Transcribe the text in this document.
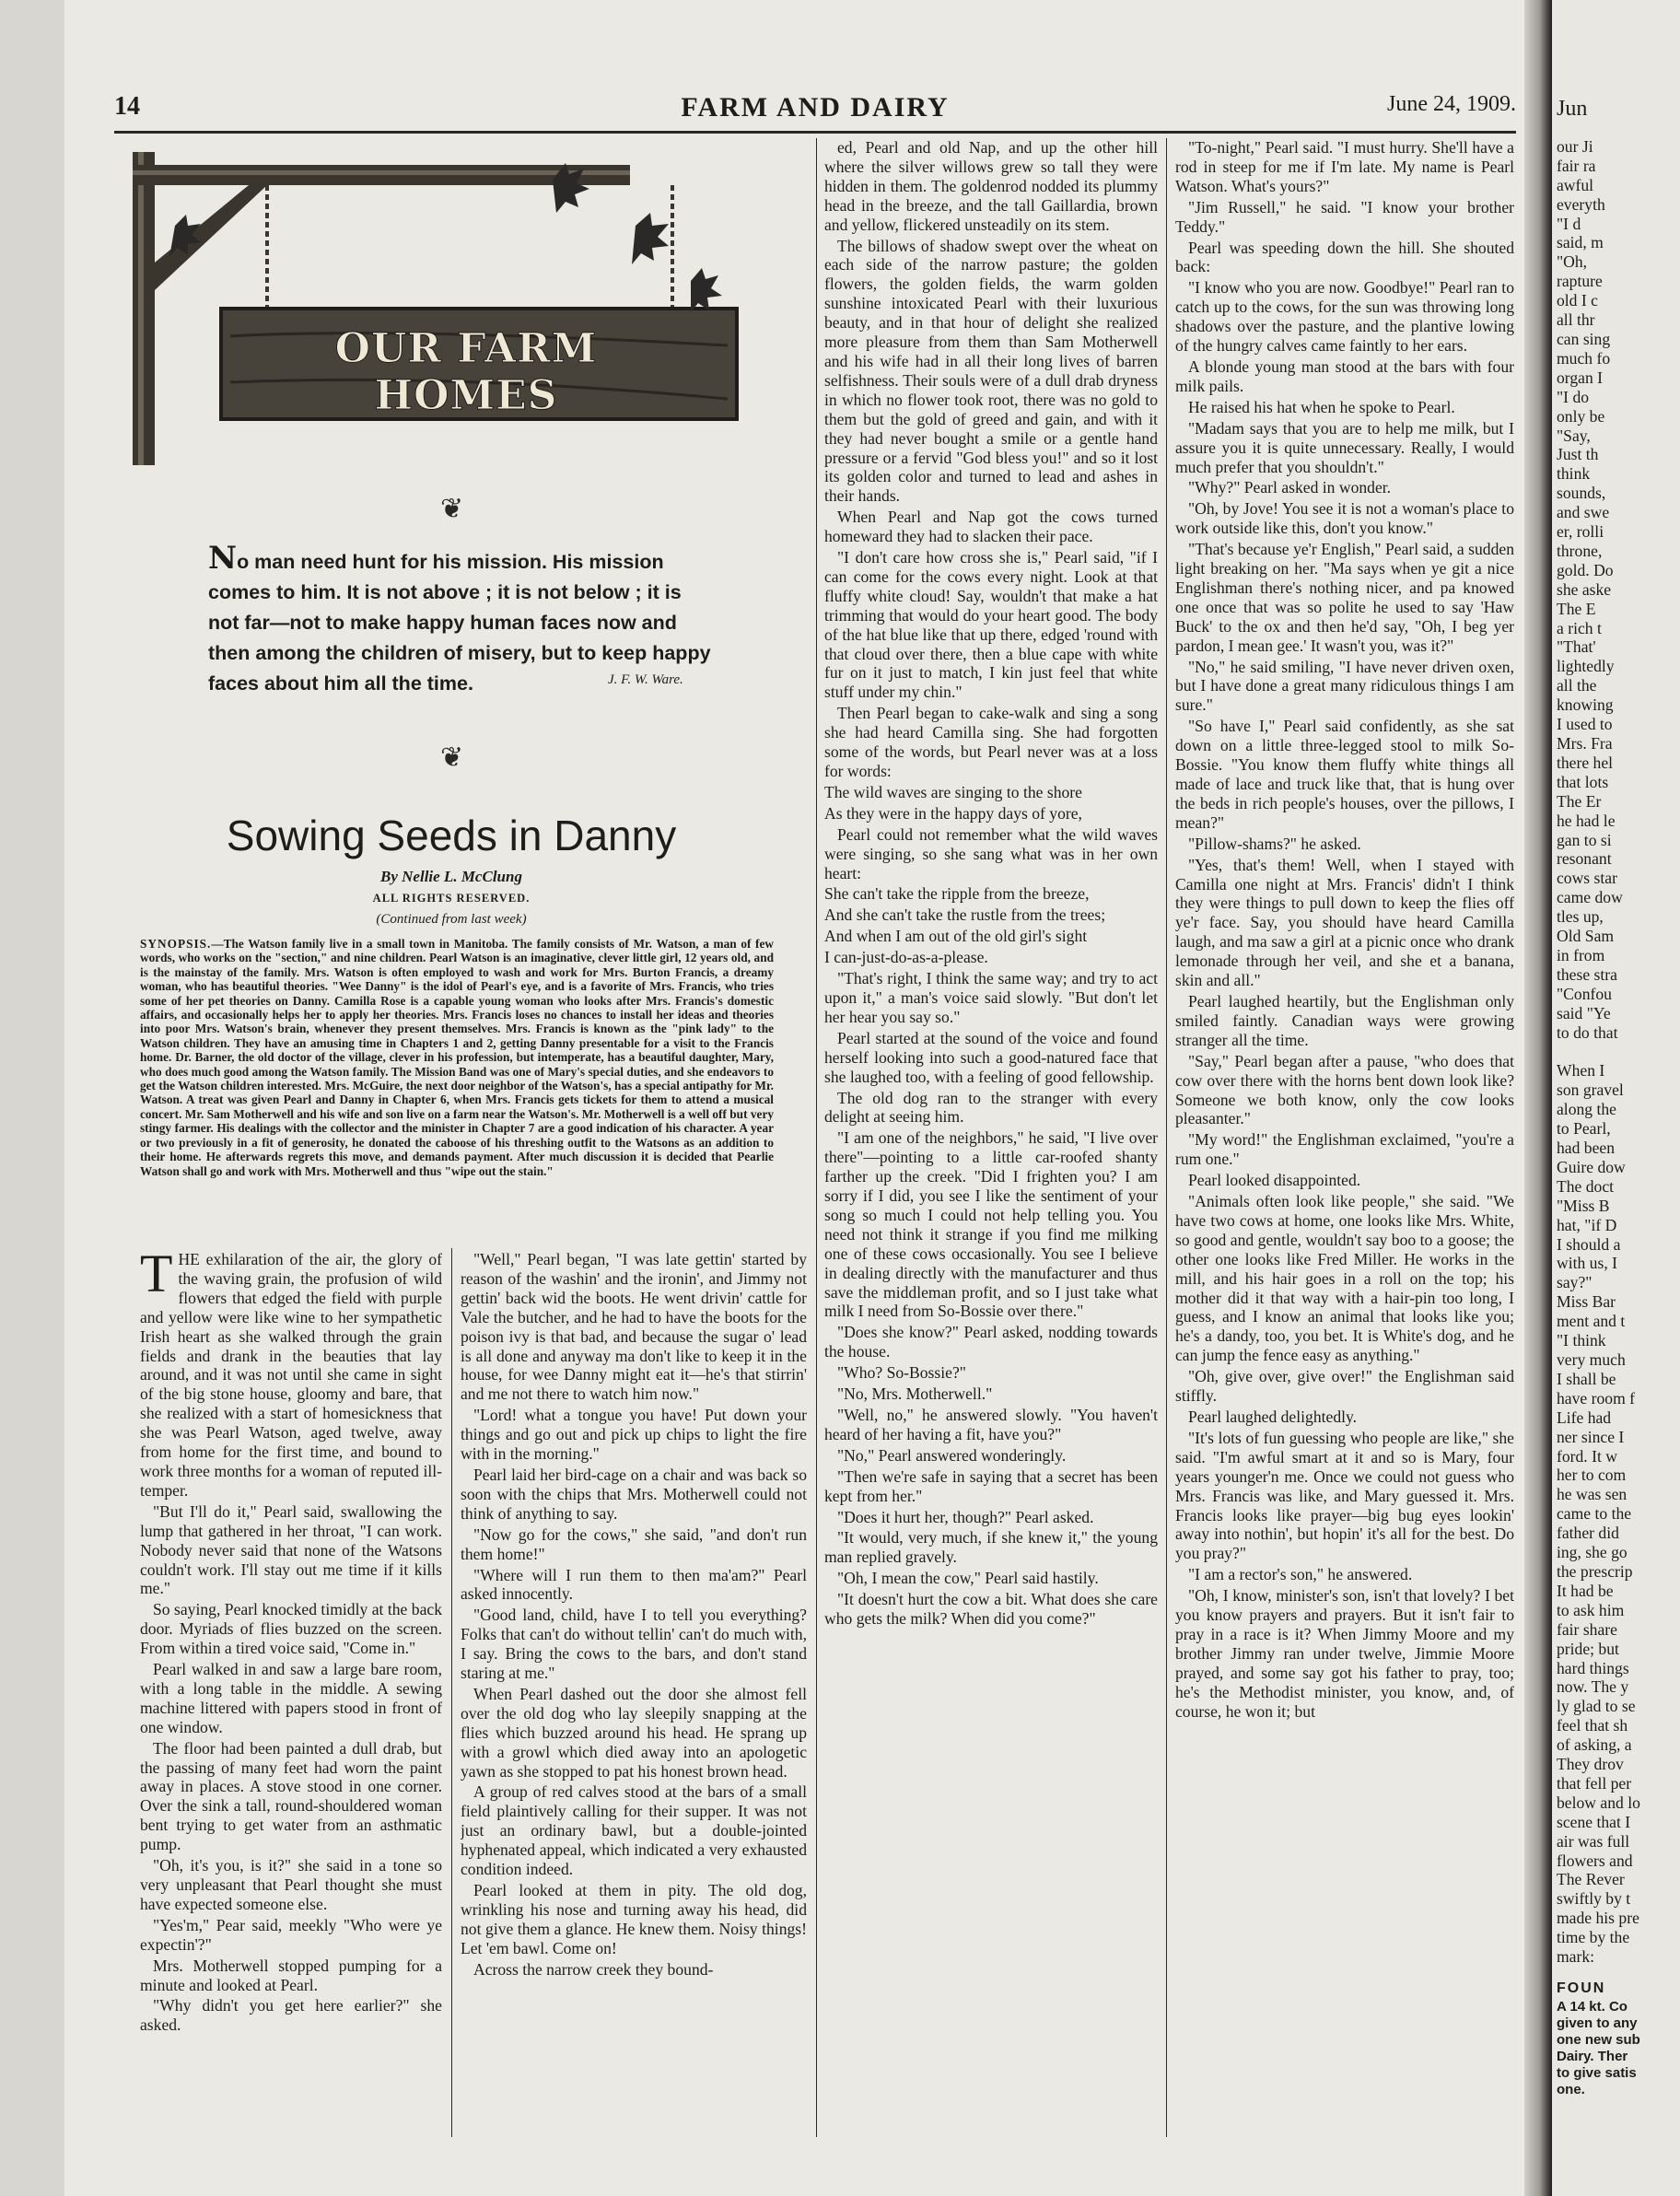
14	FARM AND DAIRY	June 24, 1909.
OUR FARM HOMES
❦
No man need hunt for his mission. His mission comes to him. It is not above ; it is not below ; it is not far—not to make happy human faces now and then among the children of misery, but to keep happy faces about him all the time.	J. F. W. Ware.
❦
Sowing Seeds in Danny
By Nellie L. McClung
ALL RIGHTS RESERVED.
(Continued from last week)
SYNOPSIS.—The Watson family live in a small town in Manitoba. The family consists of Mr. Watson, a man of few words, who works on the "section," and nine children. Pearl Watson is an imaginative, clever little girl, 12 years old, and is the mainstay of the family. Mrs. Watson is often employed to wash and work for Mrs. Burton Francis, a dreamy woman, who has beautiful theories. "Wee Danny" is the idol of Pearl's eye, and is a favorite of Mrs. Francis, who tries some of her pet theories on Danny. Camilla Rose is a capable young woman who looks after Mrs. Francis's domestic affairs, and occasionally helps her to apply her theories. Mrs. Francis loses no chances to install her ideas and theories into poor Mrs. Watson's brain, whenever they present themselves. Mrs. Francis is known as the "pink lady" to the Watson children. They have an amusing time in Chapters 1 and 2, getting Danny presentable for a visit to the Francis home. Dr. Barner, the old doctor of the village, clever in his profession, but intemperate, has a beautiful daughter, Mary, who does much good among the Watson family. The Mission Band was one of Mary's special duties, and she endeavors to get the Watson children interested. Mrs. McGuire, the next door neighbor of the Watson's, has a special antipathy for Mr. Watson. A treat was given Pearl and Danny in Chapter 6, when Mrs. Francis gets tickets for them to attend a musical concert. Mr. Sam Motherwell and his wife and son live on a farm near the Watson's. Mr. Motherwell is a well off but very stingy farmer. His dealings with the collector and the minister in Chapter 7 are a good indication of his character. A year or two previously in a fit of generosity, he donated the caboose of his threshing outfit to the Watsons as an addition to their home. He afterwards regrets this move, and demands payment. After much discussion it is decided that Pearlie Watson shall go and work with Mrs. Motherwell and thus "wipe out the stain."

THE exhilaration of the air, the glory of the waving grain, the profusion of wild flowers that edged the field with purple and yellow were like wine to her sympathetic Irish heart as she walked through the grain fields and drank in the beauties that lay around, and it was not until she came in sight of the big stone house, gloomy and bare, that she realized with a start of homesickness that she was Pearl Watson, aged twelve, away from home for the first time, and bound to work three months for a woman of reputed ill-temper.

"But I'll do it," Pearl said, swallowing the lump that gathered in her throat, "I can work. Nobody never said that none of the Watsons couldn't work. I'll stay out me time if it kills me."

So saying, Pearl knocked timidly at the back door. Myriads of flies buzzed on the screen. From within a tired voice said, "Come in."

Pearl walked in and saw a large bare room, with a long table in the middle. A sewing machine littered with papers stood in front of one window.

The floor had been painted a dull drab, but the passing of many feet had worn the paint away in places. A stove stood in one corner. Over the sink a tall, round-shouldered woman bent trying to get water from an asthmatic pump.

"Oh, it's you, is it?" she said in a tone so very unpleasant that Pearl thought she must have expected someone else.

"Yes'm," Pear said, meekly "Who were ye expectin'?"

Mrs. Motherwell stopped pumping for a minute and looked at Pearl.

"Why didn't you get here earlier?" she asked.

"Well," Pearl began, "I was late gettin' started by reason of the washin' and the ironin', and Jimmy not gettin' back wid the boots. He went drivin' cattle for Vale the butcher, and he had to have the boots for the poison ivy is that bad, and because the sugar o' lead is all done and anyway ma don't like to keep it in the house, for wee Danny might eat it—he's that stirrin' and me not there to watch him now."

"Lord! what a tongue you have! Put down your things and go out and pick up chips to light the fire with in the morning."

Pearl laid her bird-cage on a chair and was back so soon with the chips that Mrs. Motherwell could not think of anything to say.

"Now go for the cows," she said, "and don't run them home!"

"Where will I run them to then ma'am?" Pearl asked innocently.

"Good land, child, have I to tell you everything? Folks that can't do without tellin' can't do much with, I say. Bring the cows to the bars, and don't stand staring at me."

When Pearl dashed out the door she almost fell over the old dog who lay sleepily snapping at the flies which buzzed around his head. He sprang up with a growl which died away into an apologetic yawn as she stopped to pat his honest brown head.

A group of red calves stood at the bars of a small field plaintively calling for their supper. It was not just an ordinary bawl, but a double-jointed hyphenated appeal, which indicated a very exhausted condition indeed.

Pearl looked at them in pity. The old dog, wrinkling his nose and turning away his head, did not give them a glance. He knew them. Noisy things! Let 'em bawl. Come on!

Across the narrow creek they bound-

ed, Pearl and old Nap, and up the other hill where the silver willows grew so tall they were hidden in them. The goldenrod nodded its plummy head in the breeze, and the tall Gaillardia, brown and yellow, flickered unsteadily on its stem.

The billows of shadow swept over the wheat on each side of the narrow pasture; the golden flowers, the golden fields, the warm golden sunshine intoxicated Pearl with their luxurious beauty, and in that hour of delight she realized more pleasure from them than Sam Motherwell and his wife had in all their long lives of barren selfishness. Their souls were of a dull drab dryness in which no flower took root, there was no gold to them but the gold of greed and gain, and with it they had never bought a smile or a gentle hand pressure or a fervid "God bless you!" and so it lost its golden color and turned to lead and ashes in their hands.

When Pearl and Nap got the cows turned homeward they had to slacken their pace.

"I don't care how cross she is," Pearl said, "if I can come for the cows every night. Look at that fluffy white cloud! Say, wouldn't that make a hat trimming that would do your heart good. The body of the hat blue like that up there, edged 'round with that cloud over there, then a blue cape with white fur on it just to match, I kin just feel that white stuff under my chin."

Then Pearl began to cake-walk and sing a song she had heard Camilla sing. She had forgotten some of the words, but Pearl never was at a loss for words:

The wild waves are singing to the shore

As they were in the happy days of yore,

Pearl could not remember what the wild waves were singing, so she sang what was in her own heart:

She can't take the ripple from the breeze,

And she can't take the rustle from the trees;

And when I am out of the old girl's sight

I can-just-do-as-a-please.

"That's right, I think the same way; and try to act upon it," a man's voice said slowly. "But don't let her hear you say so."

Pearl started at the sound of the voice and found herself looking into such a good-natured face that she laughed too, with a feeling of good fellowship.

The old dog ran to the stranger with every delight at seeing him.

"I am one of the neighbors," he said, "I live over there"—pointing to a little car-roofed shanty farther up the creek. "Did I frighten you? I am sorry if I did, you see I like the sentiment of your song so much I could not help telling you. You need not think it strange if you find me milking one of these cows occasionally. You see I believe in dealing directly with the manufacturer and thus save the middleman profit, and so I just take what milk I need from So-Bossie over there."

"Does she know?" Pearl asked, nodding towards the house.

"Who? So-Bossie?"

"No, Mrs. Motherwell."

"Well, no," he answered slowly. "You haven't heard of her having a fit, have you?"

"No," Pearl answered wonderingly.

"Then we're safe in saying that a secret has been kept from her."

"Does it hurt her, though?" Pearl asked.

"It would, very much, if she knew it," the young man replied gravely.

"Oh, I mean the cow," Pearl said hastily.

"It doesn't hurt the cow a bit. What does she care who gets the milk? When did you come?"

"To-night," Pearl said. "I must hurry. She'll have a rod in steep for me if I'm late. My name is Pearl Watson. What's yours?"

"Jim Russell," he said. "I know your brother Teddy."

Pearl was speeding down the hill. She shouted back:

"I know who you are now. Goodbye!" Pearl ran to catch up to the cows, for the sun was throwing long shadows over the pasture, and the plantive lowing of the hungry calves came faintly to her ears.

A blonde young man stood at the bars with four milk pails.

He raised his hat when he spoke to Pearl.

"Madam says that you are to help me milk, but I assure you it is quite unnecessary. Really, I would much prefer that you shouldn't."

"Why?" Pearl asked in wonder.

"Oh, by Jove! You see it is not a woman's place to work outside like this, don't you know."

"That's because ye'r English," Pearl said, a sudden light breaking on her. "Ma says when ye git a nice Englishman there's nothing nicer, and pa knowed one once that was so polite he used to say 'Haw Buck' to the ox and then he'd say, "Oh, I beg yer pardon, I mean gee.' It wasn't you, was it?"

"No," he said smiling, "I have never driven oxen, but I have done a great many ridiculous things I am sure."

"So have I," Pearl said confidently, as she sat down on a little three-legged stool to milk So-Bossie. "You know them fluffy white things all made of lace and truck like that, that is hung over the beds in rich people's houses, over the pillows, I mean?"

"Pillow-shams?" he asked.

"Yes, that's them! Well, when I stayed with Camilla one night at Mrs. Francis' didn't I think they were things to pull down to keep the flies off ye'r face. Say, you should have heard Camilla laugh, and ma saw a girl at a picnic once who drank lemonade through her veil, and she et a banana, skin and all."

Pearl laughed heartily, but the Englishman only smiled faintly. Canadian ways were growing stranger all the time.

"Say," Pearl began after a pause, "who does that cow over there with the horns bent down look like? Someone we both know, only the cow looks pleasanter."

"My word!" the Englishman exclaimed, "you're a rum one."

Pearl looked disappointed.

"Animals often look like people," she said. "We have two cows at home, one looks like Mrs. White, so good and gentle, wouldn't say boo to a goose; the other one looks like Fred Miller. He works in the mill, and his hair goes in a roll on the top; his mother did it that way with a hair-pin too long, I guess, and I know an animal that looks like you; he's a dandy, too, you bet. It is White's dog, and he can jump the fence easy as anything."

"Oh, give over, give over!" the Englishman said stiffly.

Pearl laughed delightedly.

"It's lots of fun guessing who people are like," she said. "I'm awful smart at it and so is Mary, four years younger'n me. Once we could not guess who Mrs. Francis was like, and Mary guessed it. Mrs. Francis looks like prayer—big bug eyes lookin' away into nothin', but hopin' it's all for the best. Do you pray?"

"I am a rector's son," he answered.

"Oh, I know, minister's son, isn't that lovely? I bet you know prayers and prayers. But it isn't fair to pray in a race is it? When Jimmy Moore and my brother Jimmy ran under twelve, Jimmie Moore prayed, and some say got his father to pray, too; he's the Methodist minister, you know, and, of course, he won it; but

Jun
our Ji
fair ra
awful
everyth
"I d
said, m
"Oh,
rapture
old I c
all thr
can sing
much fo
organ I
"I do
only be
"Say,
Just th
think
sounds,
and swe
er, rolli
throne,
gold. Do
she aske
The E
a rich t
"That'
lightedly
all the
knowing
I used to
Mrs. Fra
there hel
that lots
The Er
he had le
gan to si
resonant
cows star
came dow
tles up,
Old Sam
in from
these stra
"Confou
said "Ye
to do that

When I
son gravel
along the
to Pearl,
had been
Guire dow
The doct
"Miss B
hat, "if D
I should a
with us, I
say?"
Miss Bar
ment and t
"I think
very much
I shall be
have room f
Life had
ner since I
ford. It w
her to com
he was sen
came to the
father did
ing, she go
the prescrip
It had be
to ask him
fair share
pride; but
hard things
now. The y
ly glad to se
feel that sh
of asking, a
They drov
that fell per
below and lo
scene that I
air was full
flowers and
The Rever
swiftly by t
made his pre
time by the
mark:
FOUN
A 14 kt. Co
given to any
one new sub
Dairy. Ther
to give satis
one.
